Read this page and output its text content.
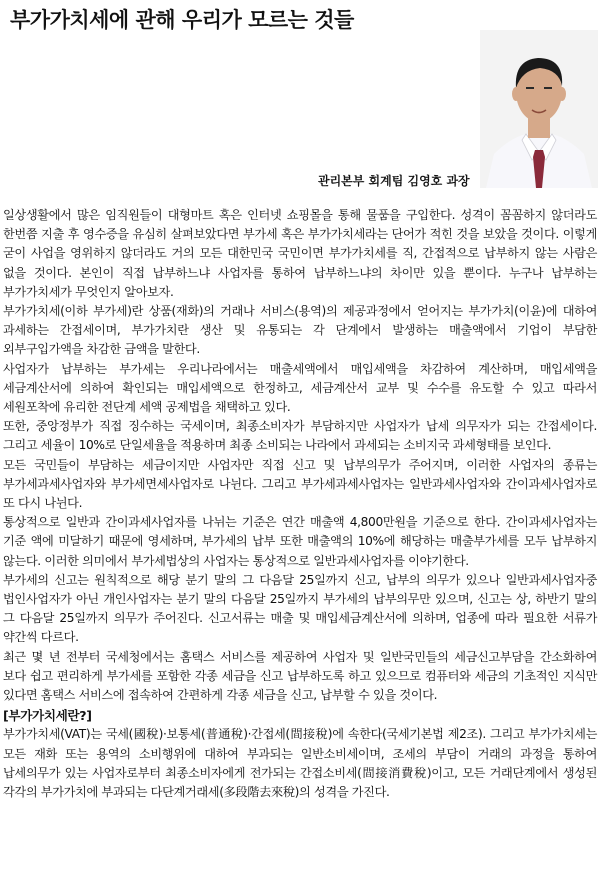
부가가치세에 관해 우리가 모르는 것들
관리본부 회계팀 김영호 과장

일상생활에서 많은 임직원들이 대형마트 혹은 인터넷 쇼핑몰을 통해 물품을 구입한다. 성격이 꼼꼼하지 않더라도 한번쯤 지출 후 영수증을 유심히 살펴보았다면 부가세 혹은 부가가치세라는 단어가 적힌 것을 보았을 것이다. 이렇게 굳이 사업을 영위하지 않더라도 거의 모든 대한민국 국민이면 부가가치세를 직, 간접적으로 납부하지 않는 사람은 없을 것이다. 본인이 직접 납부하느냐 사업자를 통하여 납부하느냐의 차이만 있을 뿐이다. 누구나 납부하는 부가가치세가 무엇인지 알아보자.

부가가치세(이하 부가세)란 상품(재화)의 거래나 서비스(용역)의 제공과정에서 얻어지는 부가가치(이윤)에 대하여 과세하는 간접세이며, 부가가치란 생산 및 유통되는 각 단계에서 발생하는 매출액에서 기업이 부담한 외부구입가액을 차감한 금액을 말한다.

사업자가 납부하는 부가세는 우리나라에서는 매출세액에서 매입세액을 차감하여 계산하며, 매입세액을 세금계산서에 의하여 확인되는 매입세액으로 한정하고, 세금계산서 교부 및 수수를 유도할 수 있고 따라서 세원포착에 유리한 전단계 세액 공제법을 채택하고 있다.

또한, 중앙정부가 직접 징수하는 국세이며, 최종소비자가 부담하지만 사업자가 납세 의무자가 되는 간접세이다. 그리고 세율이 10%로 단일세율을 적용하며 최종 소비되는 나라에서 과세되는 소비지국 과세형태를 보인다.

모든 국민들이 부담하는 세금이지만 사업자만 직접 신고 및 납부의무가 주어지며, 이러한 사업자의 종류는 부가세과세사업자와 부가세면세사업자로 나뉜다. 그리고 부가세과세사업자는 일반과세사업자와 간이과세사업자로 또 다시 나뉜다.

통상적으로 일반과 간이과세사업자를 나뉘는 기준은 연간 매출액 4,800만원을 기준으로 한다. 간이과세사업자는 기준 액에 미달하기 때문에 영세하며, 부가세의 납부 또한 매출액의 10%에 해당하는 매출부가세를 모두 납부하지 않는다. 이러한 의미에서 부가세법상의 사업자는 통상적으로 일반과세사업자를 이야기한다.

부가세의 신고는 원칙적으로 해당 분기 말의 그 다음달 25일까지 신고, 납부의 의무가 있으나 일반과세사업자중 법인사업자가 아닌 개인사업자는 분기 말의 다음달 25일까지 부가세의 납부의무만 있으며, 신고는 상, 하반기 말의 그 다음달 25일까지 의무가 주어진다. 신고서류는 매출 및 매입세금계산서에 의하며, 업종에 따라 필요한 서류가 약간씩 다르다.

최근 몇 년 전부터 국세청에서는 홈택스 서비스를 제공하여 사업자 및 일반국민들의 세금신고부담을 간소화하여 보다 쉽고 편리하게 부가세를 포함한 각종 세금을 신고 납부하도록 하고 있으므로 컴퓨터와 세금의 기초적인 지식만 있다면 홈택스 서비스에 접속하여 간편하게 각종 세금을 신고, 납부할 수 있을 것이다.

[부가가치세란?]

부가가치세(VAT)는 국세(國稅)·보통세(普通稅)·간접세(間接稅)에 속한다(국세기본법 제2조). 그리고 부가가치세는 모든 재화 또는 용역의 소비행위에 대하여 부과되는 일반소비세이며, 조세의 부담이 거래의 과정을 통하여 납세의무가 있는 사업자로부터 최종소비자에게 전가되는 간접소비세(間接消費稅)이고, 모든 거래단계에서 생성된 각각의 부가가치에 부과되는 다단계거래세(多段階去來稅)의 성격을 가진다.
